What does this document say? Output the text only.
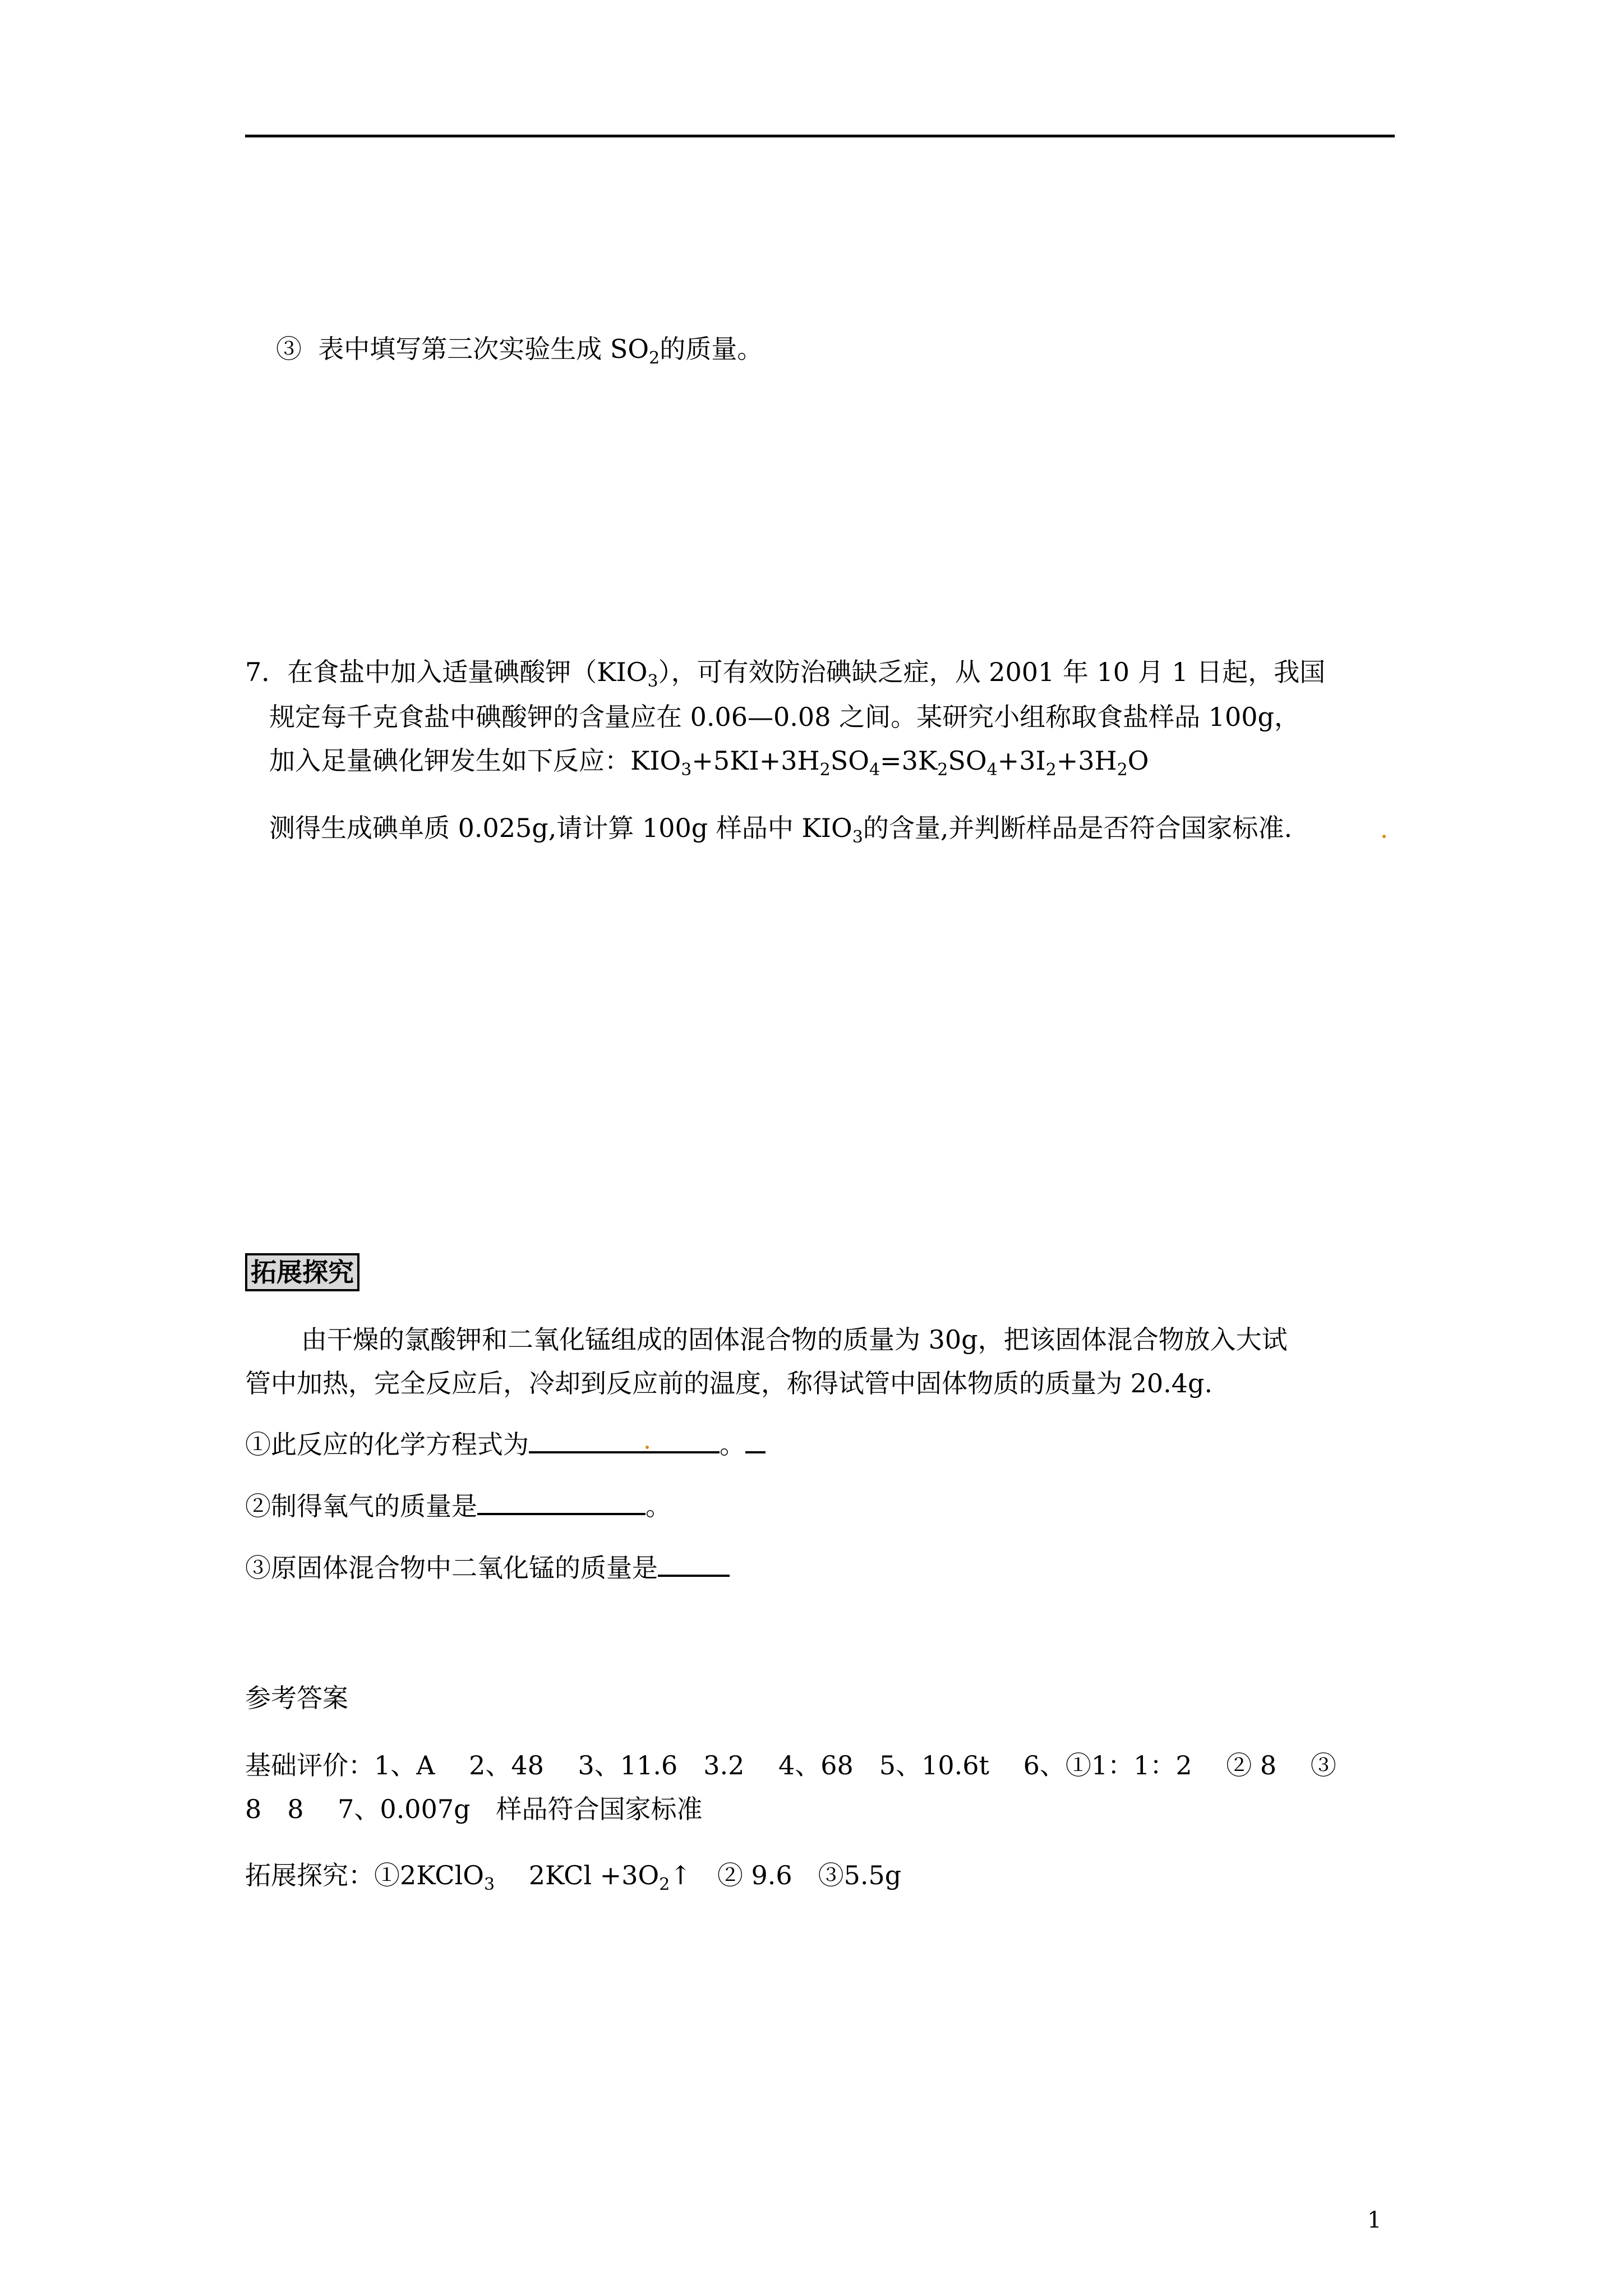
③ 表中填写第三次实验生成 $SO_2$的质量。
7．在食盐中加入适量碘酸钾$(KIO_3)$，可有效防治碘缺乏症，从 2001 年 10 月 1 日起，我国
规定每千克食盐中碘酸钾的含量应在 0.06—0.08 之间。某研究小组称取食盐样品 100g，
加入足量碘化钾发生如下反应：$KIO_3+5KI+3H_2SO_4=3K_2SO_4+3I_2+3H_2O$
测得生成碘单质 0.025g,请计算 100g 样品中 $KIO_3$的含量,并判断样品是否符合国家标准.
拓展探究
由干燥的氯酸钾和二氧化锰组成的固体混合物的质量为 30g，把该固体混合物放入大试
管中加热，完全反应后，冷却到反应前的温度，称得试管中固体物质的质量为 20.4g.
①此反应的化学方程式为	。
②制得氧气的质量是	。
③原固体混合物中二氧化锰的质量是
参考答案
基础评价：1、A　 2、48　 3、11.6　3.2　 4、68　5、10.6t　 6、①1：1：2　 ② 8　 ③
8　8　 7、0.007g　样品符合国家标准
拓展探究：①2KClO$_3$　 $2KCl +3O_2↑$　② 9.6　③5.5g
1
